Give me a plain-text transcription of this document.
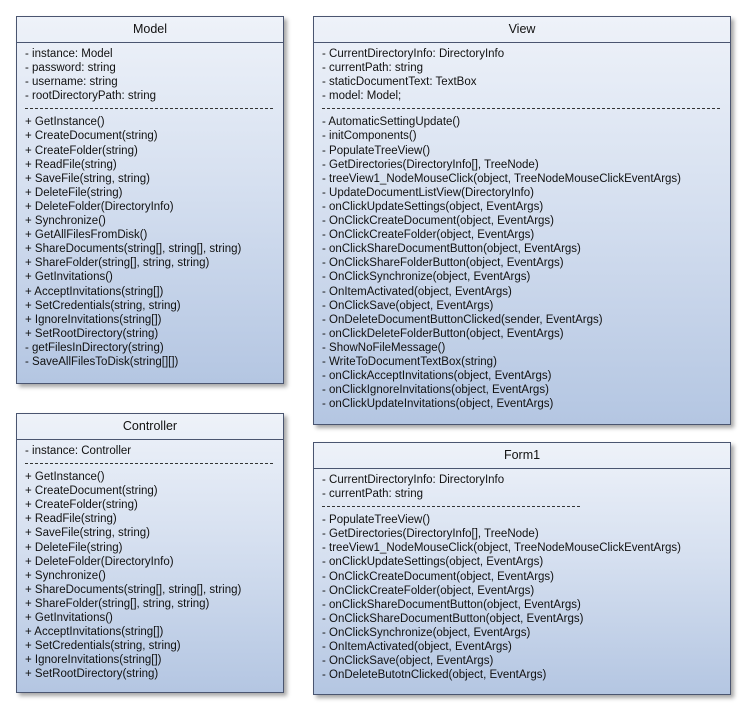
Model
- instance: Model
- password: string
- username: string
- rootDirectoryPath: string
+ GetInstance()
+ CreateDocument(string)
+ CreateFolder(string)
+ ReadFile(string)
+ SaveFile(string, string)
+ DeleteFile(string)
+ DeleteFolder(DirectoryInfo)
+ Synchronize()
+ GetAllFilesFromDisk()
+ ShareDocuments(string[], string[], string)
+ ShareFolder(string[], string, string)
+ GetInvitations()
+ AcceptInvitations(string[])
+ SetCredentials(string, string)
+ IgnoreInvitations(string[])
+ SetRootDirectory(string)
- getFilesInDirectory(string)
- SaveAllFilesToDisk(string[][])
View
- CurrentDirectoryInfo: DirectoryInfo
- currentPath: string
- staticDocumentText: TextBox
- model: Model;
- AutomaticSettingUpdate()
- initComponents()
- PopulateTreeView()
- GetDirectories(DirectoryInfo[], TreeNode)
- treeView1_NodeMouseClick(object, TreeNodeMouseClickEventArgs)
- UpdateDocumentListView(DirectoryInfo)
- onClickUpdateSettings(object, EventArgs)
- OnClickCreateDocument(object, EventArgs)
- OnClickCreateFolder(object, EventArgs)
- onClickShareDocumentButton(object, EventArgs)
- OnClickShareFolderButton(object, EventArgs)
- OnClickSynchronize(object, EventArgs)
- OnItemActivated(object, EventArgs)
- OnClickSave(object, EventArgs)
- OnDeleteDocumentButtonClicked(sender, EventArgs)
- onClickDeleteFolderButton(object, EventArgs)
- ShowNoFileMessage()
- WriteToDocumentTextBox(string)
- onClickAcceptInvitations(object, EventArgs)
- onClickIgnoreInvitations(object, EventArgs)
- onClickUpdateInvitations(object, EventArgs)
Controller
- instance: Controller
+ GetInstance()
+ CreateDocument(string)
+ CreateFolder(string)
+ ReadFile(string)
+ SaveFile(string, string)
+ DeleteFile(string)
+ DeleteFolder(DirectoryInfo)
+ Synchronize()
+ ShareDocuments(string[], string[], string)
+ ShareFolder(string[], string, string)
+ GetInvitations()
+ AcceptInvitations(string[])
+ SetCredentials(string, string)
+ IgnoreInvitations(string[])
+ SetRootDirectory(string)
Form1
- CurrentDirectoryInfo: DirectoryInfo
- currentPath: string
- PopulateTreeView()
- GetDirectories(DirectoryInfo[], TreeNode)
- treeView1_NodeMouseClick(object, TreeNodeMouseClickEventArgs)
- onClickUpdateSettings(object, EventArgs)
- OnClickCreateDocument(object, EventArgs)
- OnClickCreateFolder(object, EventArgs)
- onClickShareDocumentButton(object, EventArgs)
- OnClickShareDocumentButton(object, EventArgs)
- OnClickSynchronize(object, EventArgs)
- OnItemActivated(object, EventArgs)
- OnClickSave(object, EventArgs)
- OnDeleteButotnClicked(object, EventArgs)
